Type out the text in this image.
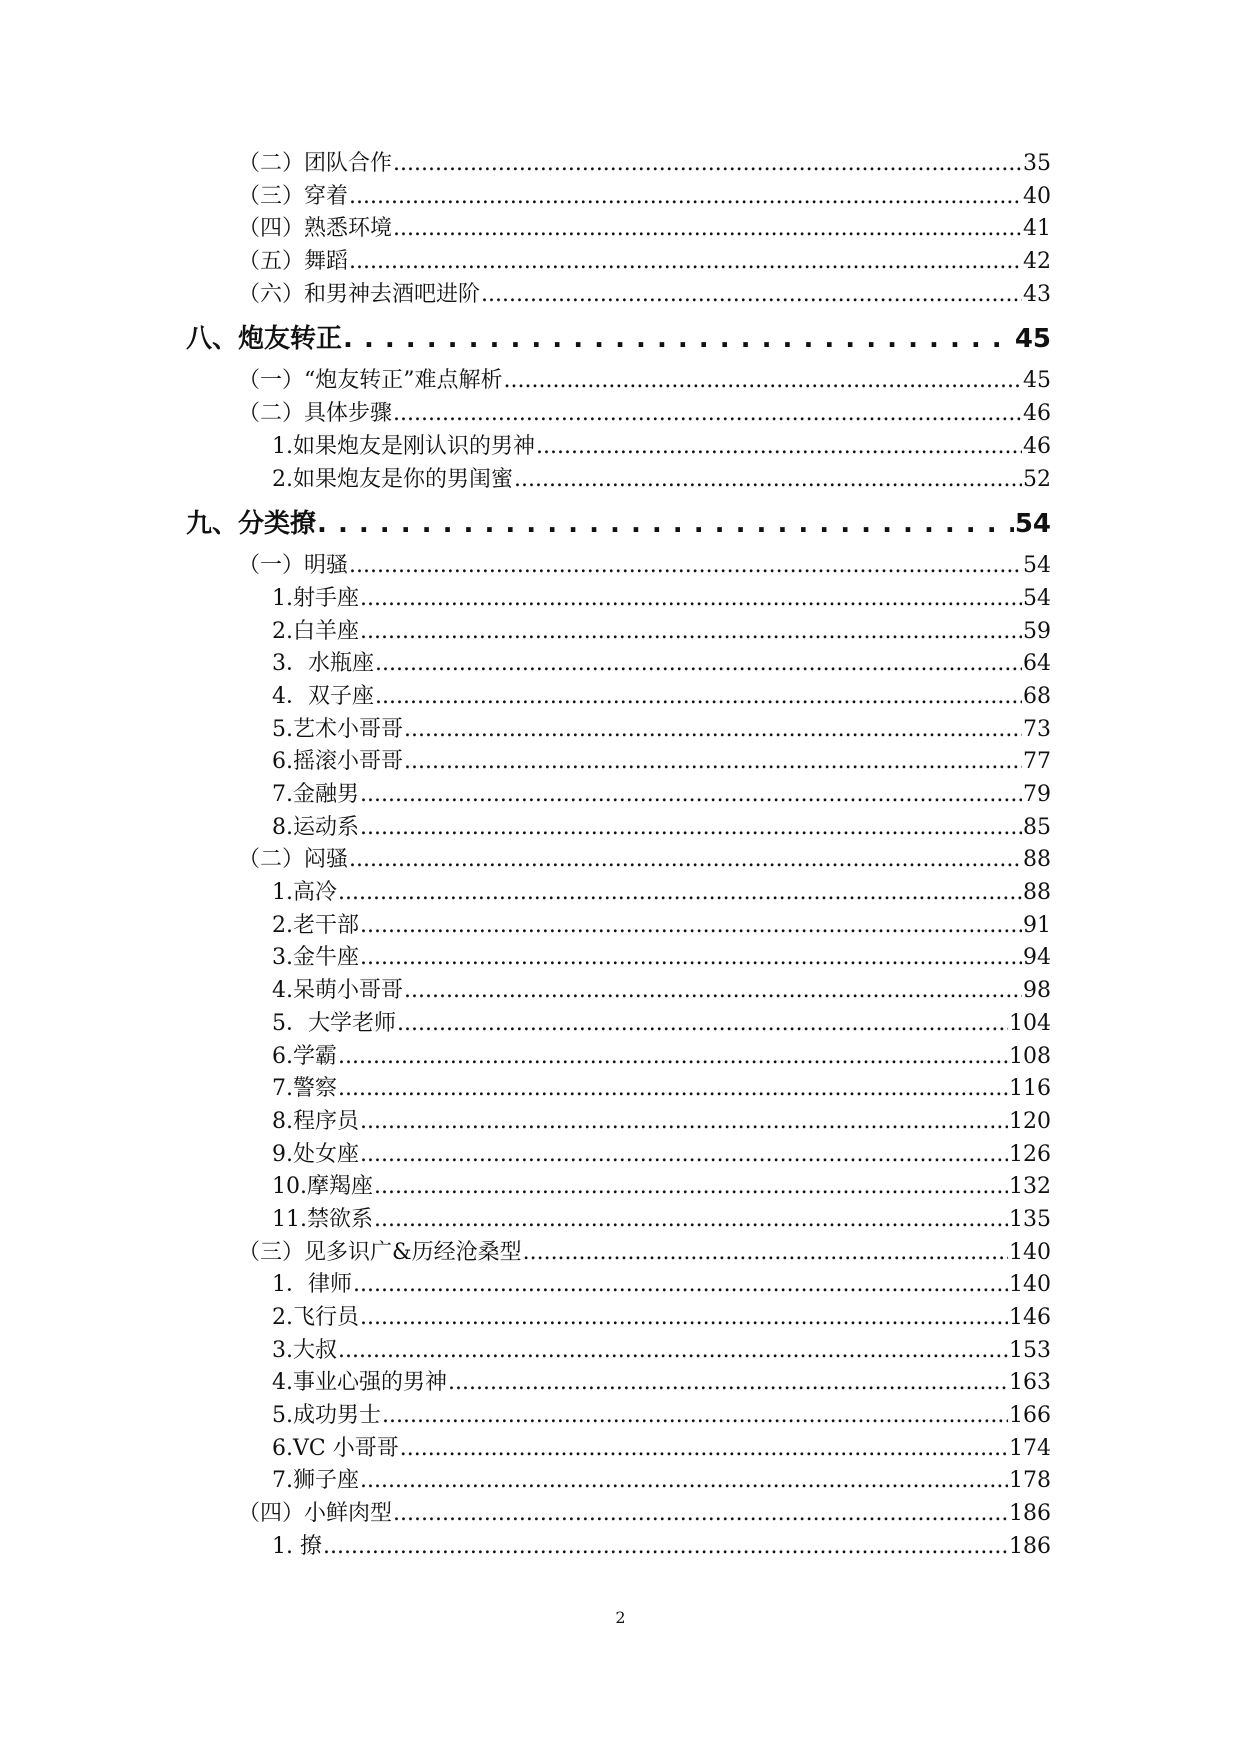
（二）团队合作 .....	35
（三）穿着 .....	40
（四）熟悉环境 .....	41
（五）舞蹈 .....	42
（六）和男神去酒吧进阶 .....	43
八、炮友转正 . . .	45
（一）“炮友转正”难点解析 .....	45
（二）具体步骤 .....	46
1.如果炮友是刚认识的男神 .....	46
2.如果炮友是你的男闺蜜 .....	52
九、分类撩 . . .	54
（一）明骚 .....	54
1.射手座 .....	54
2.白羊座 .....	59
3．水瓶座 .....	64
4．双子座 .....	68
5.艺术小哥哥 .....	73
6.摇滚小哥哥 .....	77
7.金融男 .....	79
8.运动系 .....	85
（二）闷骚 .....	88
1.高冷 .....	88
2.老干部 .....	91
3.金牛座 .....	94
4.呆萌小哥哥 .....	98
5．大学老师 .....	104
6.学霸 .....	108
7.警察 .....	116
8.程序员 .....	120
9.处女座 .....	126
10.摩羯座 .....	132
11.禁欲系 .....	135
（三）见多识广&历经沧桑型 .....	140
1．律师 .....	140
2.飞行员 .....	146
3.大叔 .....	153
4.事业心强的男神 .....	163
5.成功男士 .....	166
6.VC 小哥哥 .....	174
7.狮子座 .....	178
（四）小鲜肉型 .....	186
1. 撩 .....	186
2
